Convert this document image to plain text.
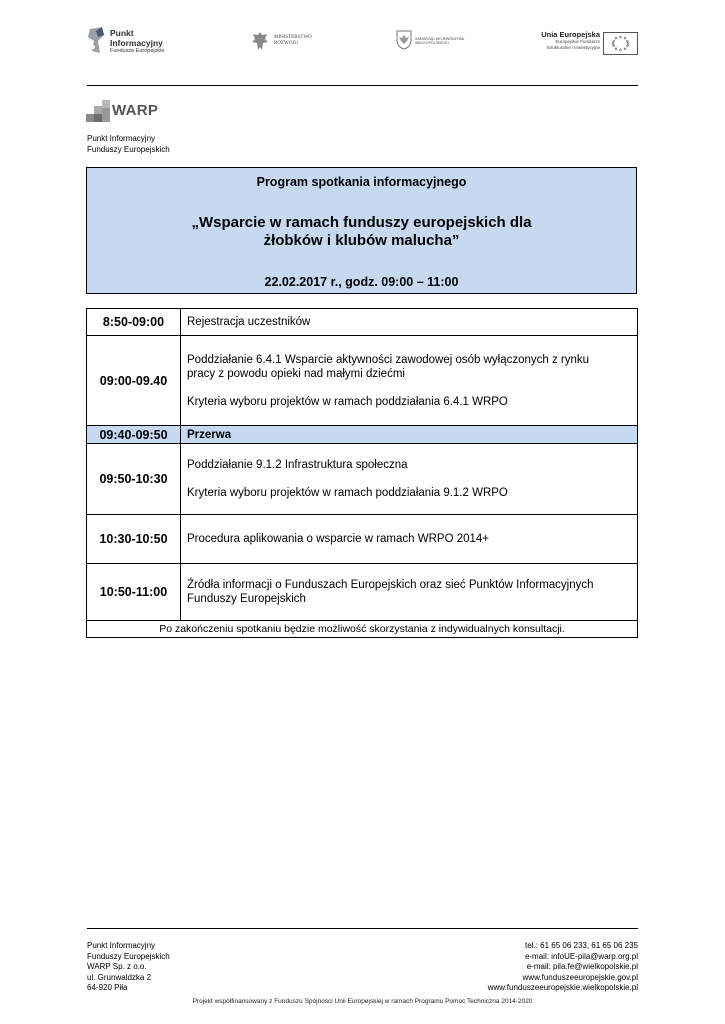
Punkt
Informacyjny
Fundusze Europejskie
MINISTERSTWO
ROZWOJU
SAMORZĄD WOJEWÓDZTWA
WIELKOPOLSKIEGO
Unia Europejska
Europejskie Fundusze
Strukturalne i Inwestycyjne
WARP
Punkt Informacyjny
Funduszy Europejskich
Program spotkania informacyjnego
„Wsparcie w ramach funduszy europejskich dla
żłobków i klubów malucha”
22.02.2017 r., godz. 09:00 – 11:00
8:50-09:00	Rejestracja uczestników

09:00-09.40	Poddziałanie 6.4.1 Wsparcie aktywności zawodowej osób wyłączonych z rynku

pracy z powodu opieki nad małymi dziećmi

Kryteria wyboru projektów w ramach poddziałania 6.4.1 WRPO

09:40-09:50	Przerwa

09:50-10:30	Poddziałanie 9.1.2 Infrastruktura społeczna

Kryteria wyboru projektów w ramach poddziałania 9.1.2 WRPO

10:30-10:50	Procedura aplikowania o wsparcie w ramach WRPO 2014+

10:50-11:00	Źródła informacji o Funduszach Europejskich oraz sieć Punktów Informacyjnych

Funduszy Europejskich

Po zakończeniu spotkaniu będzie możliwość skorzystania z indywidualnych konsultacji.	
Punkt Informacyjny
Funduszy Europejskich
WARP Sp. z o.o.
ul. Grunwaldzka 2
64-920 Piła
tel.: 61 65 06 233, 61 65 06 235
e-mail: infoUE-pila@warp.org.pl
e-mail: pila.fe@wielkopolskie.pl
www.funduszeeuropejskie.gov.pl
www.funduszeeuropejskie.wielkopolskie.pl
Projekt współfinansowany z Funduszu Spójności Unii Europejskiej w ramach Programu Pomoc Techniczna 2014-2020
